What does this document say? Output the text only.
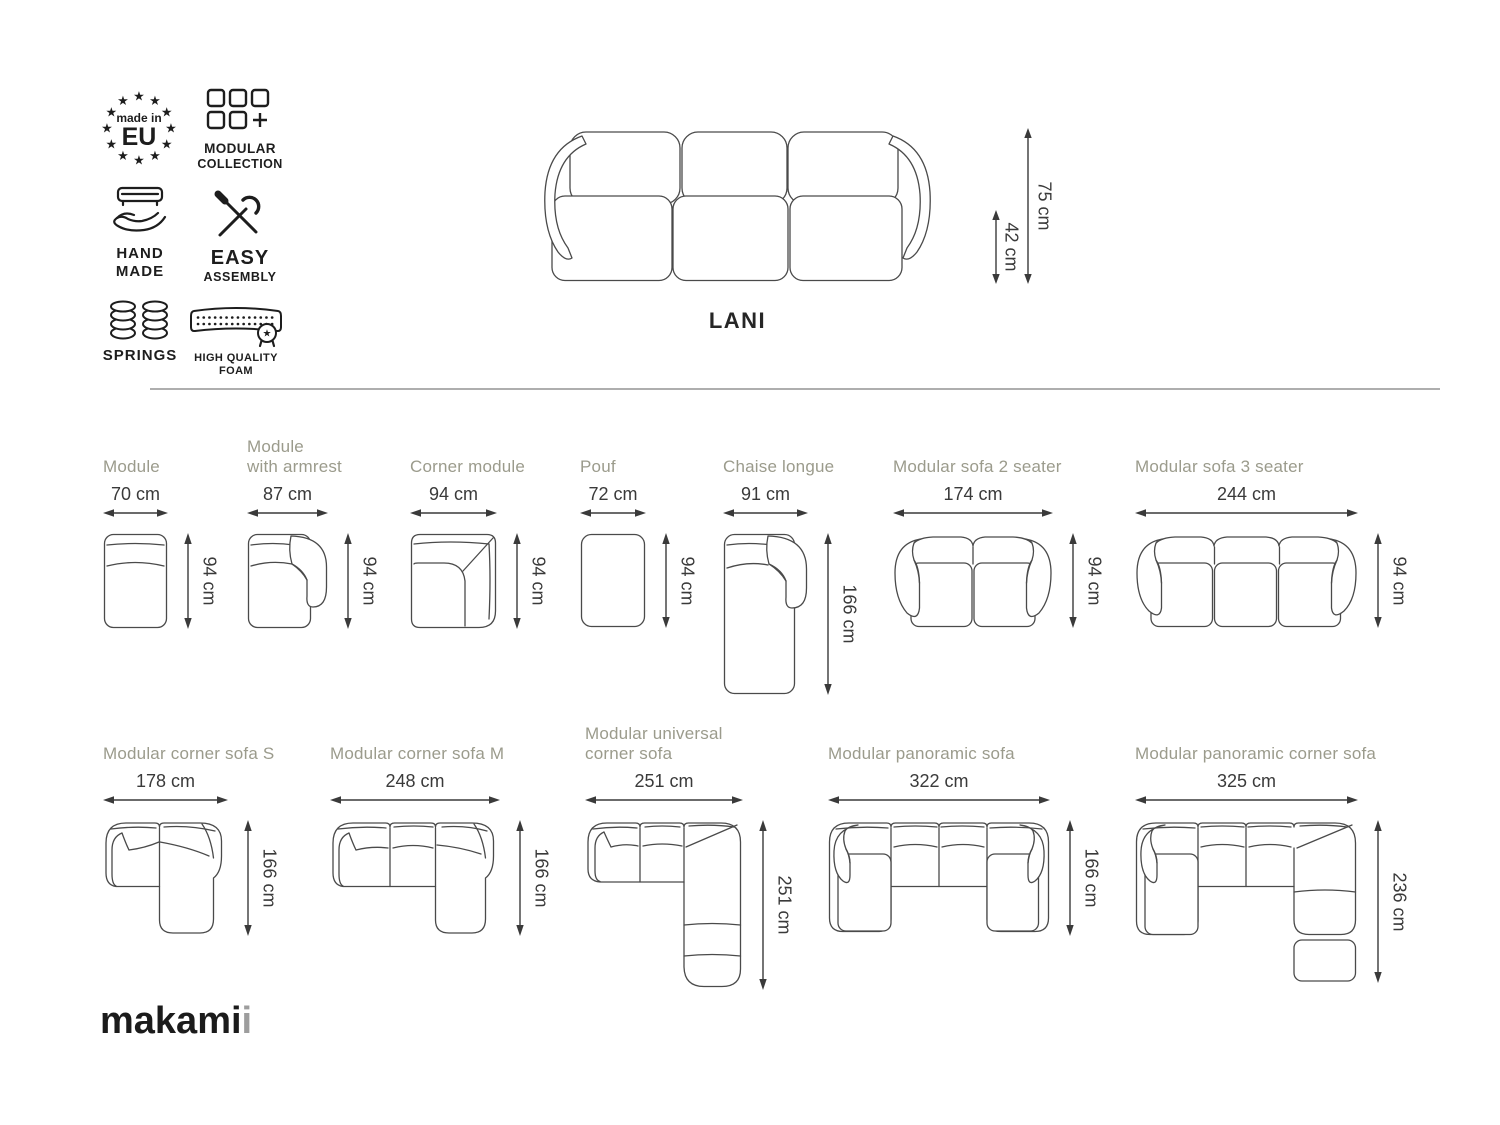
★ ★
★
★
★
★
★
★
★
★
★
★
made in
EU	MODULAR
COLLECTION
HAND
MADE
EASY
ASSEMBLY
SPRINGS
★
HIGH QUALITY
FOAM
42 cm
75 cm
LANI
makamii
Module
70 cm
94 cm
Module
with armrest
87 cm
94 cm
Corner module
94 cm
94 cm
Pouf
72 cm
94 cm
Chaise longue
91 cm
166 cm
Modular sofa 2 seater
174 cm
94 cm
Modular sofa 3 seater
244 cm
94 cm
Modular corner sofa S
178 cm
166 cm
Modular corner sofa M
248 cm
166 cm
Modular universal
corner sofa
251 cm
251 cm
Modular panoramic sofa
322 cm
166 cm
Modular panoramic corner sofa
325 cm
236 cm
